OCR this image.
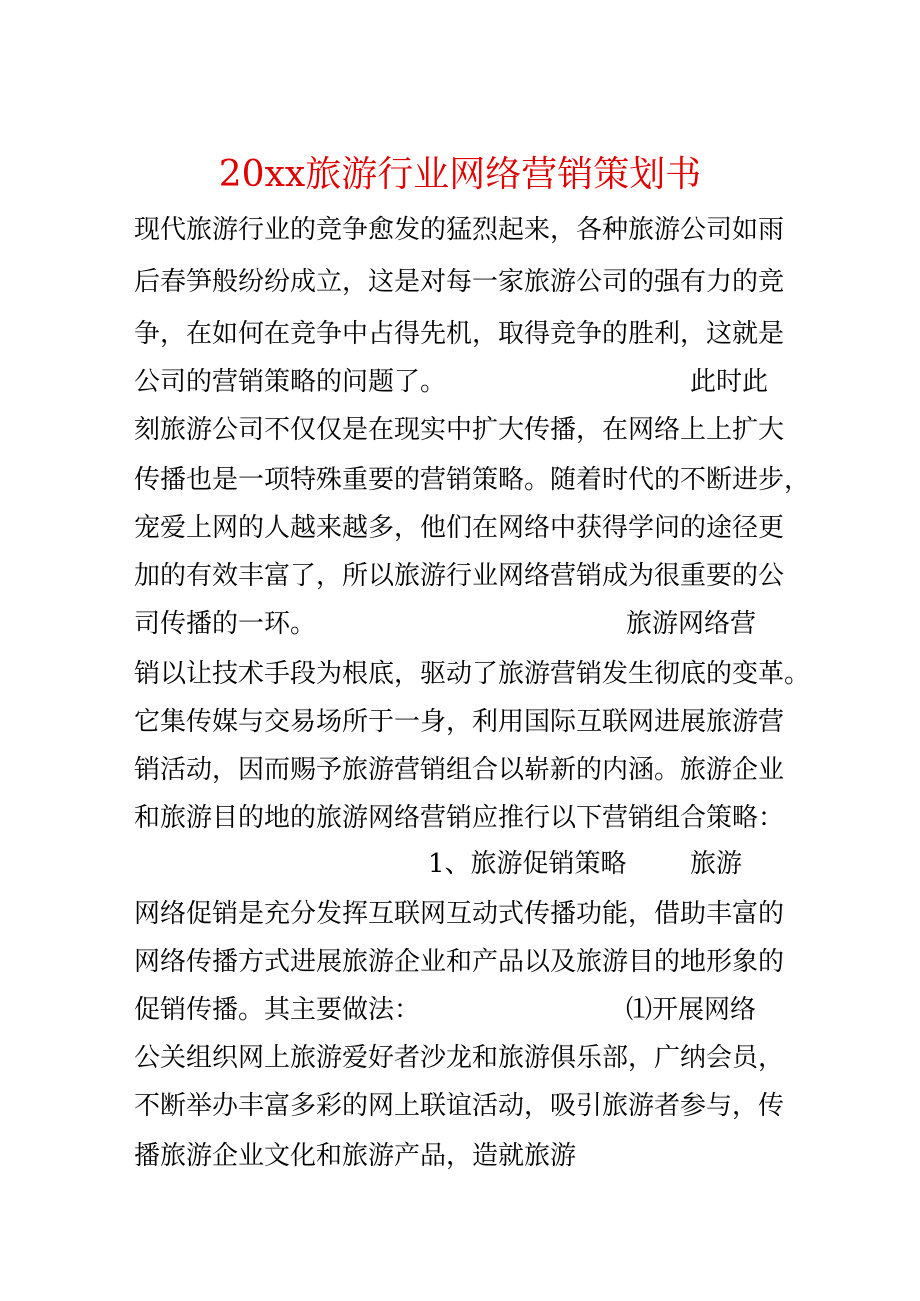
20xx旅游行业网络营销策划书
现代旅游行业的竞争愈发的猛烈起来，各种旅游公司如雨
后春笋般纷纷成立，这是对每一家旅游公司的强有力的竞
争，在如何在竞争中占得先机，取得竞争的胜利，这就是
公司的营销策略的问题了。	此时此
刻旅游公司不仅仅是在现实中扩大传播，在网络上上扩大
传播也是一项特殊重要的营销策略。随着时代的不断进步，
宠爱上网的人越来越多，他们在网络中获得学问的途径更
加的有效丰富了，所以旅游行业网络营销成为很重要的公
司传播的一环。	旅游网络营
销以让技术手段为根底，驱动了旅游营销发生彻底的变革。
它集传媒与交易场所于一身，利用国际互联网进展旅游营
销活动，因而赐予旅游营销组合以崭新的内涵。旅游企业
和旅游目的地的旅游网络营销应推行以下营销组合策略：
1、旅游促销策略 旅游
网络促销是充分发挥互联网互动式传播功能，借助丰富的
网络传播方式进展旅游企业和产品以及旅游目的地形象的
促销传播。其主要做法：	⑴开展网络
公关组织网上旅游爱好者沙龙和旅游俱乐部，广纳会员，
不断举办丰富多彩的网上联谊活动，吸引旅游者参与，传
播旅游企业文化和旅游产品，造就旅游
